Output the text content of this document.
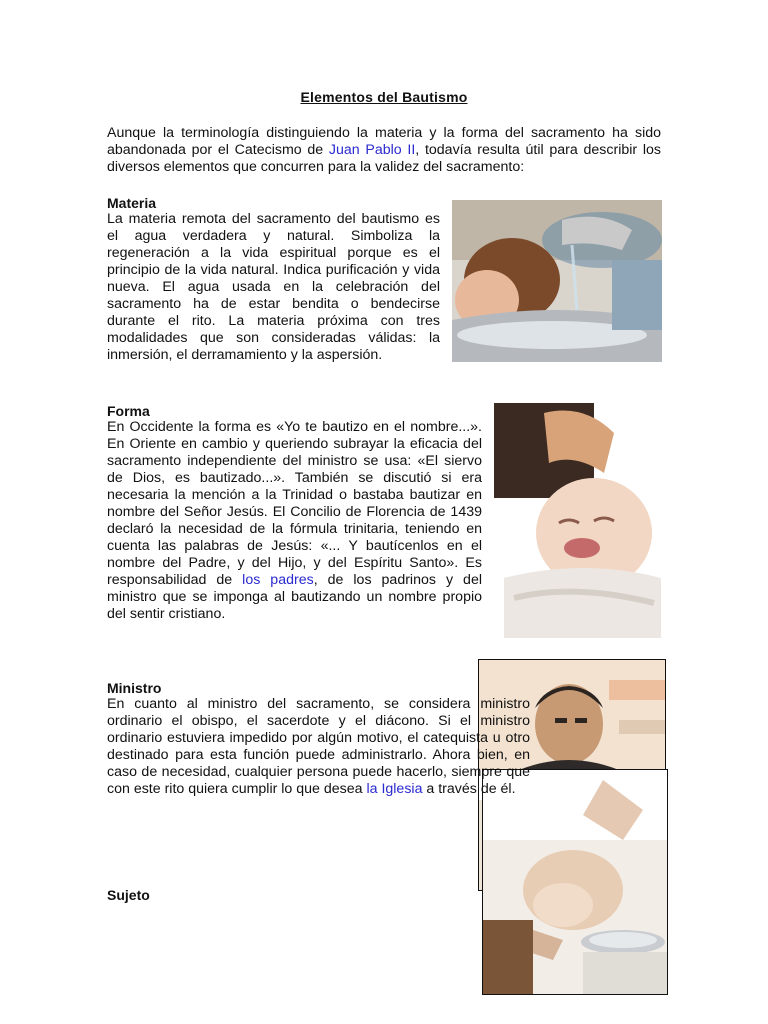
Elementos del Bautismo
Aunque la terminología distinguiendo la materia y la forma del sacramento ha sido abandonada por el Catecismo de Juan Pablo II, todavía resulta útil para describir los diversos elementos que concurren para la validez del sacramento:
Materia
La materia remota del sacramento del bautismo es el agua verdadera y natural. Simboliza la regeneración a la vida espiritual porque es el principio de la vida natural. Indica purificación y vida nueva. El agua usada en la celebración del sacramento ha de estar bendita o bendecirse durante el rito. La materia próxima con tres modalidades que son consideradas válidas: la inmersión, el derramamiento y la aspersión.
Forma
En Occidente la forma es «Yo te bautizo en el nombre...». En Oriente en cambio y queriendo subrayar la eficacia del sacramento independiente del ministro se usa: «El siervo de Dios, es bautizado...». También se discutió si era necesaria la mención a la Trinidad o bastaba bautizar en nombre del Señor Jesús. El Concilio de Florencia de 1439 declaró la necesidad de la fórmula trinitaria, teniendo en cuenta las palabras de Jesús: «... Y bautícenlos en el nombre del Padre, y del Hijo, y del Espíritu Santo». Es responsabilidad de los padres, de los padrinos y del ministro que se imponga al bautizando un nombre propio del sentir cristiano.
Ministro
En cuanto al ministro del sacramento, se considera ministro ordinario el obispo, el sacerdote y el diácono. Si el ministro ordinario estuviera impedido por algún motivo, el catequista u otro destinado para esta función puede administrarlo. Ahora bien, en caso de necesidad, cualquier persona puede hacerlo, siempre que con este rito quiera cumplir lo que desea la Iglesia a través de él.
Sujeto
